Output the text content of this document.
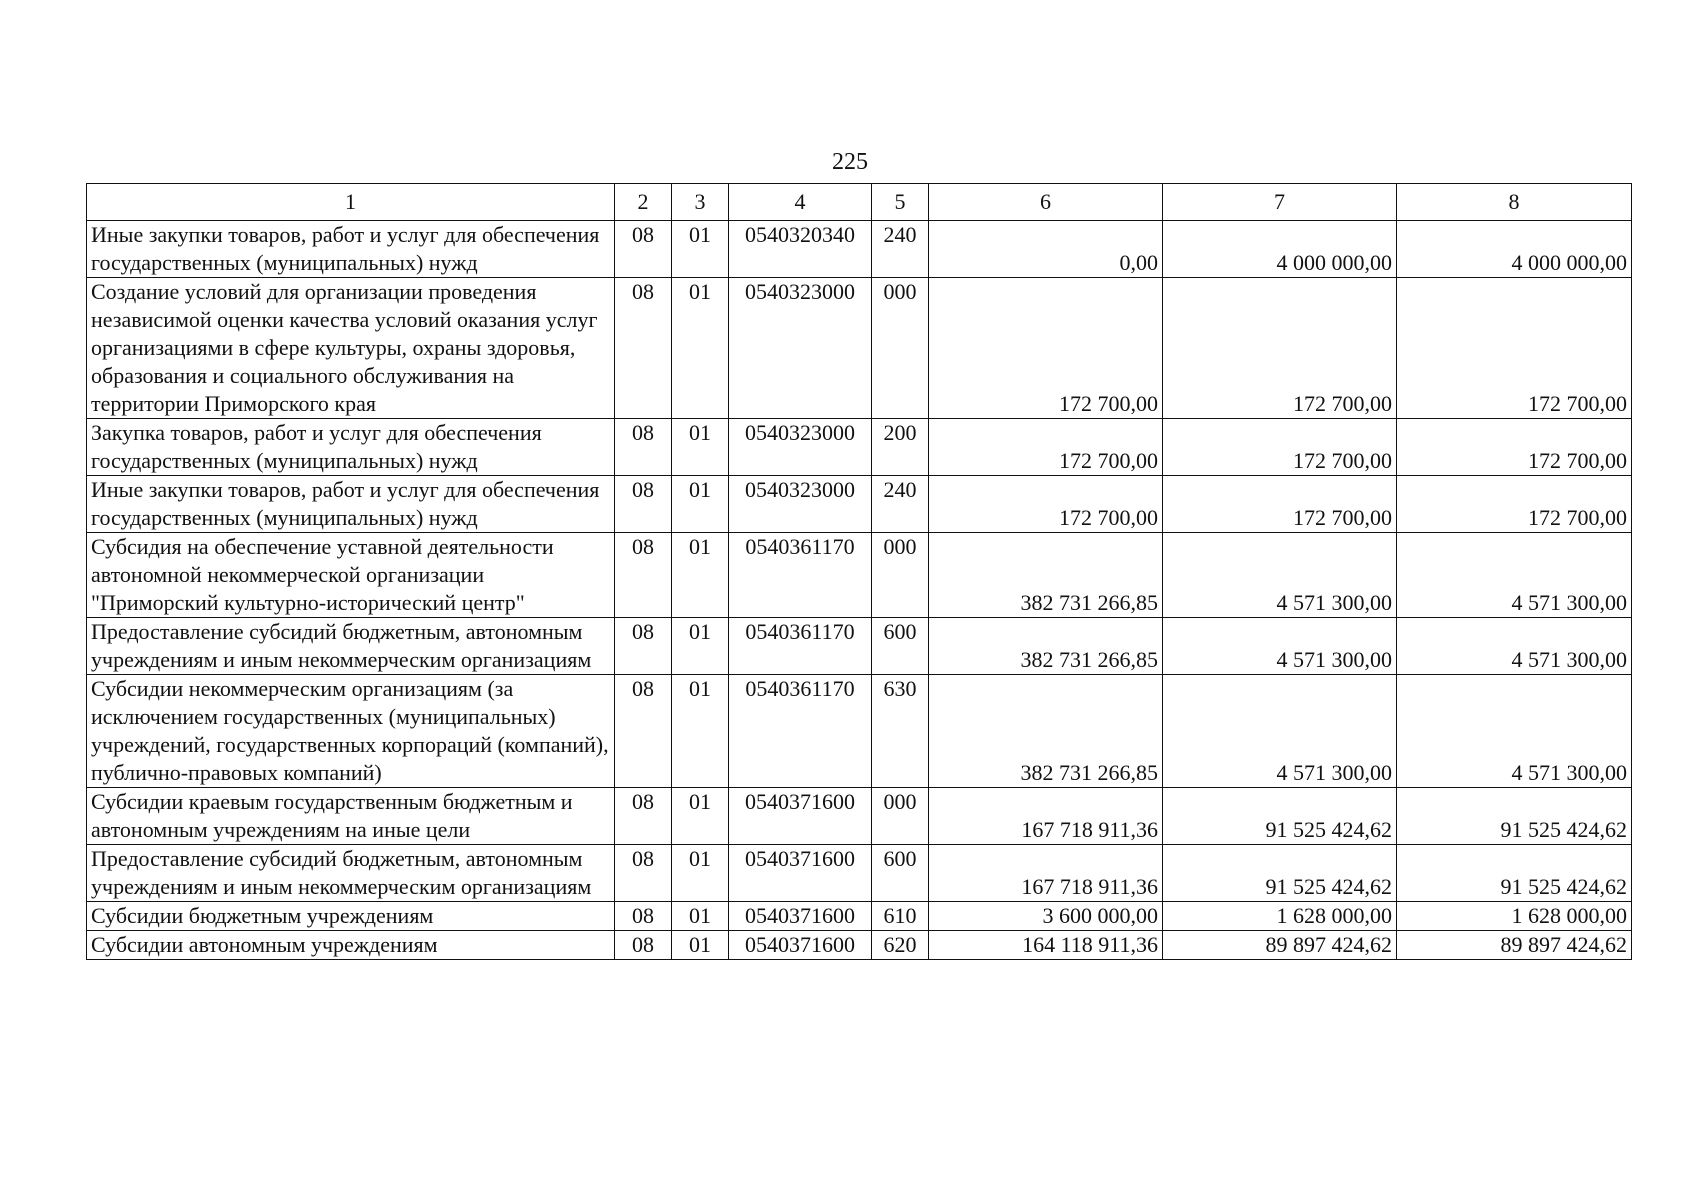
225
1	2	3	4	5	6	7	8
Иные закупки товаров, работ и услуг для обеспечения государственных (муниципальных) нужд	08	01	0540320340	240	0,00	4 000 000,00	4 000 000,00
Создание условий для организации проведения независимой оценки качества условий оказания услуг организациями в сфере культуры, охраны здоровья, образования и социального обслуживания на территории Приморского края	08	01	0540323000	000	172 700,00	172 700,00	172 700,00
Закупка товаров, работ и услуг для обеспечения государственных (муниципальных) нужд	08	01	0540323000	200	172 700,00	172 700,00	172 700,00
Иные закупки товаров, работ и услуг для обеспечения государственных (муниципальных) нужд	08	01	0540323000	240	172 700,00	172 700,00	172 700,00
Субсидия на обеспечение уставной деятельности автономной некоммерческой организации "Приморский культурно-исторический центр"	08	01	0540361170	000	382 731 266,85	4 571 300,00	4 571 300,00
Предоставление субсидий бюджетным, автономным учреждениям и иным некоммерческим организациям	08	01	0540361170	600	382 731 266,85	4 571 300,00	4 571 300,00
Субсидии некоммерческим организациям (за исключением государственных (муниципальных) учреждений, государственных корпораций (компаний), публично-правовых компаний)	08	01	0540361170	630	382 731 266,85	4 571 300,00	4 571 300,00
Субсидии краевым государственным бюджетным и автономным учреждениям на иные цели	08	01	0540371600	000	167 718 911,36	91 525 424,62	91 525 424,62
Предоставление субсидий бюджетным, автономным учреждениям и иным некоммерческим организациям	08	01	0540371600	600	167 718 911,36	91 525 424,62	91 525 424,62
Субсидии бюджетным учреждениям	08	01	0540371600	610	3 600 000,00	1 628 000,00	1 628 000,00
Субсидии автономным учреждениям	08	01	0540371600	620	164 118 911,36	89 897 424,62	89 897 424,62
